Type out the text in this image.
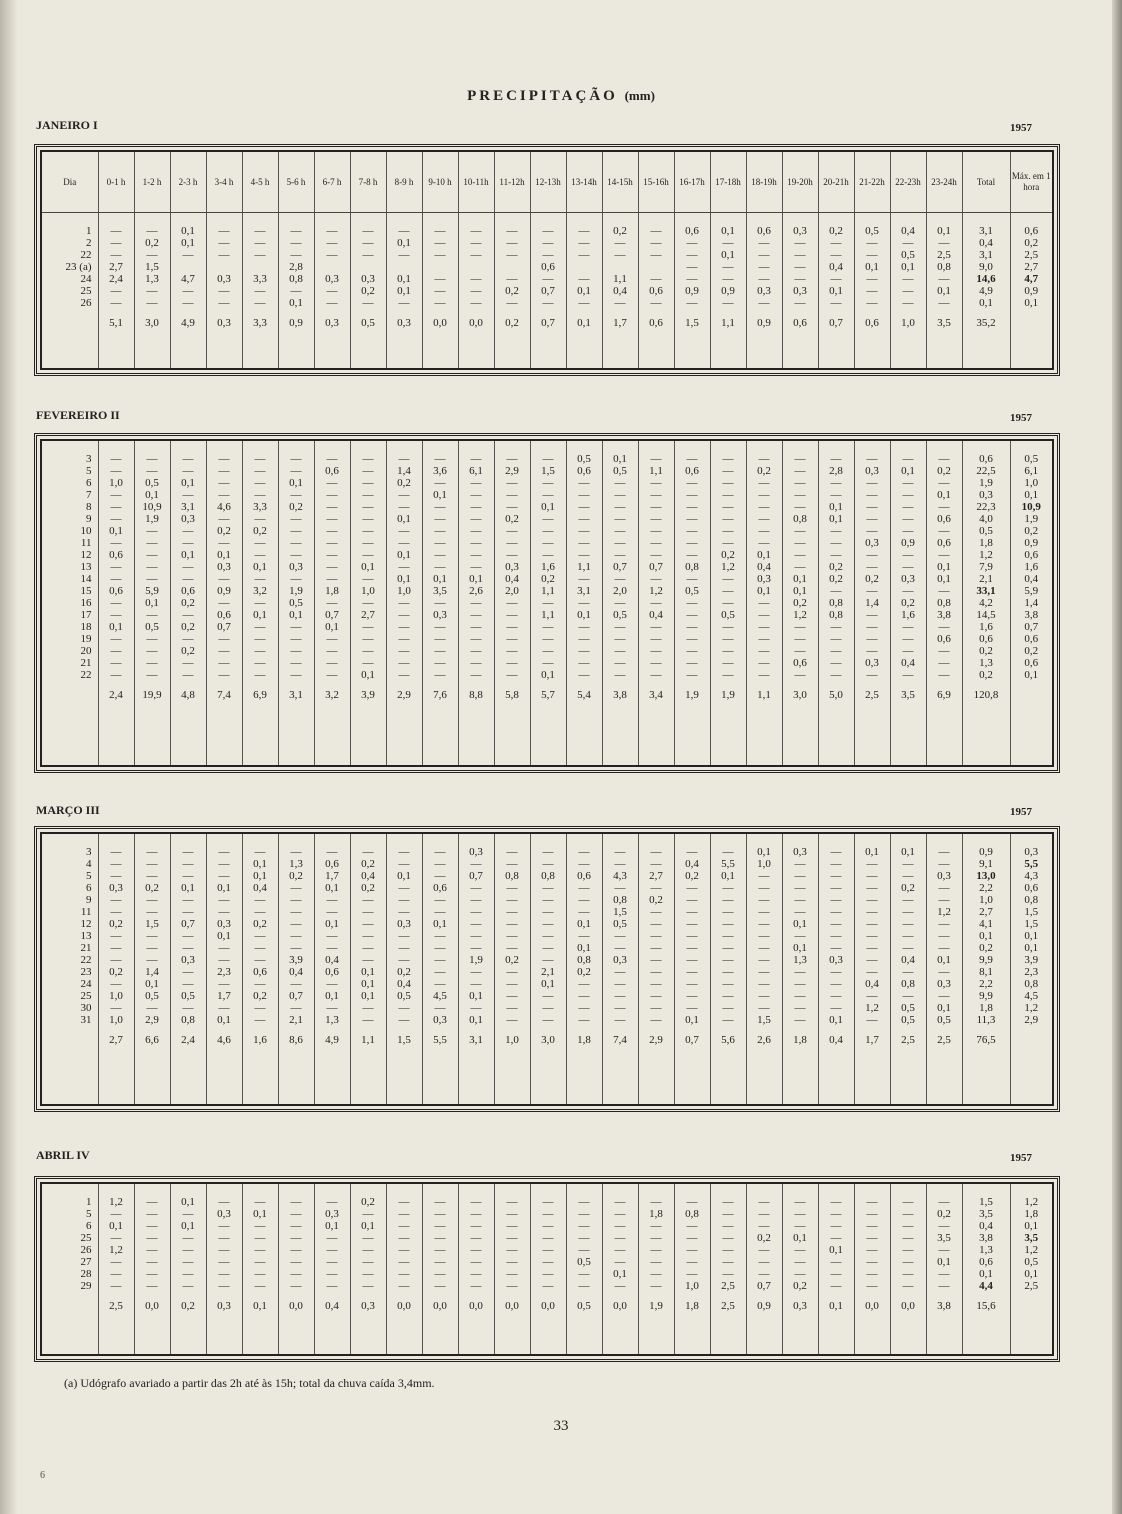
PRECIPITAÇÃO (mm)
JANEIRO I	1957
Dia	0-1 h	1-2 h	2-3 h	3-4 h	4-5 h	5-6 h	6-7 h	7-8 h	8-9 h	9-10 h	10-11h	11-12h	12-13h	13-14h	14-15h	15-16h	16-17h	17-18h	18-19h	19-20h	20-21h	21-22h	22-23h	23-24h	Total	Máx. em 1 hora

1	—	—	0,1	—	—	—	—	—	—	—	—	—	—	—	0,2	—	0,6	0,1	0,6	0,3	0,2	0,5	0,4	0,1	3,1	0,6
2	—	0,2	0,1	—	—	—	—	—	0,1	—	—	—	—	—	—	—	—	—	—	—	—	—	—	—	0,4	0,2
22	—	—	—	—	—	—	—	—	—	—	—	—	—	—	—	—	—	0,1	—	—	—	—	0,5	2,5	3,1	2,5
23 (a)	2,7	1,5				2,8							0,6				—	—	—	—	0,4	0,1	0,1	0,8	9,0	2,7
24	2,4	1,3	4,7	0,3	3,3	0,8	0,3	0,3	0,1	—	—	—	—	—	1,1	—	—	—	—	—	—	—	—	—	14,6	4,7
25	—	—	—	—	—	—	—	0,2	0,1	—	—	0,2	0,7	0,1	0,4	0,6	0,9	0,9	0,3	0,3	0,1	—	—	0,1	4,9	0,9
26	—	—	—	—	—	0,1	—	—	—	—	—	—	—	—	—	—	—	—	—	—	—	—	—	—	0,1	0,1
	5,1	3,0	4,9	0,3	3,3	0,9	0,3	0,5	0,3	0,0	0,0	0,2	0,7	0,1	1,7	0,6	1,5	1,1	0,9	0,6	0,7	0,6	1,0	3,5	35,2	

FEVEREIRO II	1957

3	—	—	—	—	—	—	—	—	—	—	—	—	—	0,5	0,1	—	—	—	—	—	—	—	—	—	0,6	0,5
5	—	—	—	—	—	—	0,6	—	1,4	3,6	6,1	2,9	1,5	0,6	0,5	1,1	0,6	—	0,2	—	2,8	0,3	0,1	0,2	22,5	6,1
6	1,0	0,5	0,1	—	—	0,1	—	—	0,2	—	—	—	—	—	—	—	—	—	—	—	—	—	—	—	1,9	1,0
7	—	0,1	—	—	—	—	—	—	—	0,1	—	—	—	—	—	—	—	—	—	—	—	—	—	0,1	0,3	0,1
8	—	10,9	3,1	4,6	3,3	0,2	—	—	—	—	—	—	0,1	—	—	—	—	—	—	—	0,1	—	—	—	22,3	10,9
9	—	1,9	0,3	—	—	—	—	—	0,1	—	—	0,2	—	—	—	—	—	—	—	0,8	0,1	—	—	0,6	4,0	1,9
10	0,1	—	—	0,2	0,2	—	—	—	—	—	—	—	—	—	—	—	—	—	—	—	—	—	—	—	0,5	0,2
11	—	—	—	—	—	—	—	—	—	—	—	—	—	—	—	—	—	—	—	—	—	0,3	0,9	0,6	1,8	0,9
12	0,6	—	0,1	0,1	—	—	—	—	0,1	—	—	—	—	—	—	—	—	0,2	0,1	—	—	—	—	—	1,2	0,6
13	—	—	—	0,3	0,1	0,3	—	0,1	—	—	—	0,3	1,6	1,1	0,7	0,7	0,8	1,2	0,4	—	0,2	—	—	0,1	7,9	1,6
14	—	—	—	—	—	—	—	—	0,1	0,1	0,1	0,4	0,2	—	—	—	—	—	0,3	0,1	0,2	0,2	0,3	0,1	2,1	0,4
15	0,6	5,9	0,6	0,9	3,2	1,9	1,8	1,0	1,0	3,5	2,6	2,0	1,1	3,1	2,0	1,2	0,5	—	0,1	0,1	—	—	—	—	33,1	5,9
16	—	0,1	0,2	—	—	0,5	—	—	—	—	—	—	—	—	—	—	—	—	—	0,2	0,8	1,4	0,2	0,8	4,2	1,4
17	—	—	—	0,6	0,1	0,1	0,7	2,7	—	0,3	—	—	1,1	0,1	0,5	0,4	—	0,5	—	1,2	0,8	—	1,6	3,8	14,5	3,8
18	0,1	0,5	0,2	0,7	—	—	0,1	—	—	—	—	—	—	—	—	—	—	—	—	—	—	—	—	—	1,6	0,7
19	—	—	—	—	—	—	—	—	—	—	—	—	—	—	—	—	—	—	—	—	—	—	—	0,6	0,6	0,6
20	—	—	0,2	—	—	—	—	—	—	—	—	—	—	—	—	—	—	—	—	—	—	—	—	—	0,2	0,2
21	—	—	—	—	—	—	—	—	—	—	—	—	—	—	—	—	—	—	—	0,6	—	0,3	0,4	—	1,3	0,6
22	—	—	—	—	—	—	—	0,1	—	—	—	—	0,1	—	—	—	—	—	—	—	—	—	—	—	0,2	0,1
	2,4	19,9	4,8	7,4	6,9	3,1	3,2	3,9	2,9	7,6	8,8	5,8	5,7	5,4	3,8	3,4	1,9	1,9	1,1	3,0	5,0	2,5	3,5	6,9	120,8	

MARÇO III	1957

3	—	—	—	—	—	—	—	—	—	—	0,3	—	—	—	—	—	—	—	0,1	0,3	—	0,1	0,1	—	0,9	0,3
4	—	—	—	—	0,1	1,3	0,6	0,2	—	—	—	—	—	—	—	—	0,4	5,5	1,0	—	—	—	—	—	9,1	5,5
5	—	—	—	—	0,1	0,2	1,7	0,4	0,1	—	0,7	0,8	0,8	0,6	4,3	2,7	0,2	0,1	—	—	—	—	—	0,3	13,0	4,3
6	0,3	0,2	0,1	0,1	0,4	—	0,1	0,2	—	0,6	—	—	—	—	—	—	—	—	—	—	—	—	0,2	—	2,2	0,6
9	—	—	—	—	—	—	—	—	—	—	—	—	—	—	0,8	0,2	—	—	—	—	—	—	—	—	1,0	0,8
11	—	—	—	—	—	—	—	—	—	—	—	—	—	—	1,5	—	—	—	—	—	—	—	—	1,2	2,7	1,5
12	0,2	1,5	0,7	0,3	0,2	—	0,1	—	0,3	0,1	—	—	—	0,1	0,5	—	—	—	—	0,1	—	—	—	—	4,1	1,5
13	—	—	—	0,1	—	—	—	—	—	—	—	—	—	—	—	—	—	—	—	—	—	—	—	—	0,1	0,1
21	—	—	—	—	—	—	—	—	—	—	—	—	—	0,1	—	—	—	—	—	0,1	—	—	—	—	0,2	0,1
22	—	—	0,3	—	—	3,9	0,4	—	—	—	1,9	0,2	—	0,8	0,3	—	—	—	—	1,3	0,3	—	0,4	0,1	9,9	3,9
23	0,2	1,4	—	2,3	0,6	0,4	0,6	0,1	0,2	—	—	—	2,1	0,2	—	—	—	—	—	—	—	—	—	—	8,1	2,3
24	—	0,1	—	—	—	—	—	0,1	0,4	—	—	—	0,1	—	—	—	—	—	—	—	—	0,4	0,8	0,3	2,2	0,8
25	1,0	0,5	0,5	1,7	0,2	0,7	0,1	0,1	0,5	4,5	0,1	—	—	—	—	—	—	—	—	—	—	—	—	—	9,9	4,5
30	—	—	—	—	—	—	—	—	—	—	—	—	—	—	—	—	—	—	—	—	—	1,2	0,5	0,1	1,8	1,2
31	1,0	2,9	0,8	0,1	—	2,1	1,3	—	—	0,3	0,1	—	—	—	—	—	0,1	—	1,5	—	0,1	—	0,5	0,5	11,3	2,9
	2,7	6,6	2,4	4,6	1,6	8,6	4,9	1,1	1,5	5,5	3,1	1,0	3,0	1,8	7,4	2,9	0,7	5,6	2,6	1,8	0,4	1,7	2,5	2,5	76,5	

ABRIL IV	1957

1	1,2	—	0,1	—	—	—	—	0,2	—	—	—	—	—	—	—	—	—	—	—	—	—	—	—	—	1,5	1,2
5	—	—	—	0,3	0,1	—	0,3	—	—	—	—	—	—	—	—	1,8	0,8	—	—	—	—	—	—	0,2	3,5	1,8
6	0,1	—	0,1	—	—	—	0,1	0,1	—	—	—	—	—	—	—	—	—	—	—	—	—	—	—	—	0,4	0,1
25	—	—	—	—	—	—	—	—	—	—	—	—	—	—	—	—	—	—	0,2	0,1	—	—	—	3,5	3,8	3,5
26	1,2	—	—	—	—	—	—	—	—	—	—	—	—	—	—	—	—	—	—	—	0,1	—	—	—	1,3	1,2
27	—	—	—	—	—	—	—	—	—	—	—	—	—	0,5	—	—	—	—	—	—	—	—	—	0,1	0,6	0,5
28	—	—	—	—	—	—	—	—	—	—	—	—	—	—	0,1	—	—	—	—	—	—	—	—	—	0,1	0,1
29	—	—	—	—	—	—	—	—	—	—	—	—	—	—	—	—	1,0	2,5	0,7	0,2	—	—	—	—	4,4	2,5
	2,5	0,0	0,2	0,3	0,1	0,0	0,4	0,3	0,0	0,0	0,0	0,0	0,0	0,5	0,0	1,9	1,8	2,5	0,9	0,3	0,1	0,0	0,0	3,8	15,6	

(a) Udógrafo avariado a partir das 2h até às 15h; total da chuva caída 3,4mm.
33
6
